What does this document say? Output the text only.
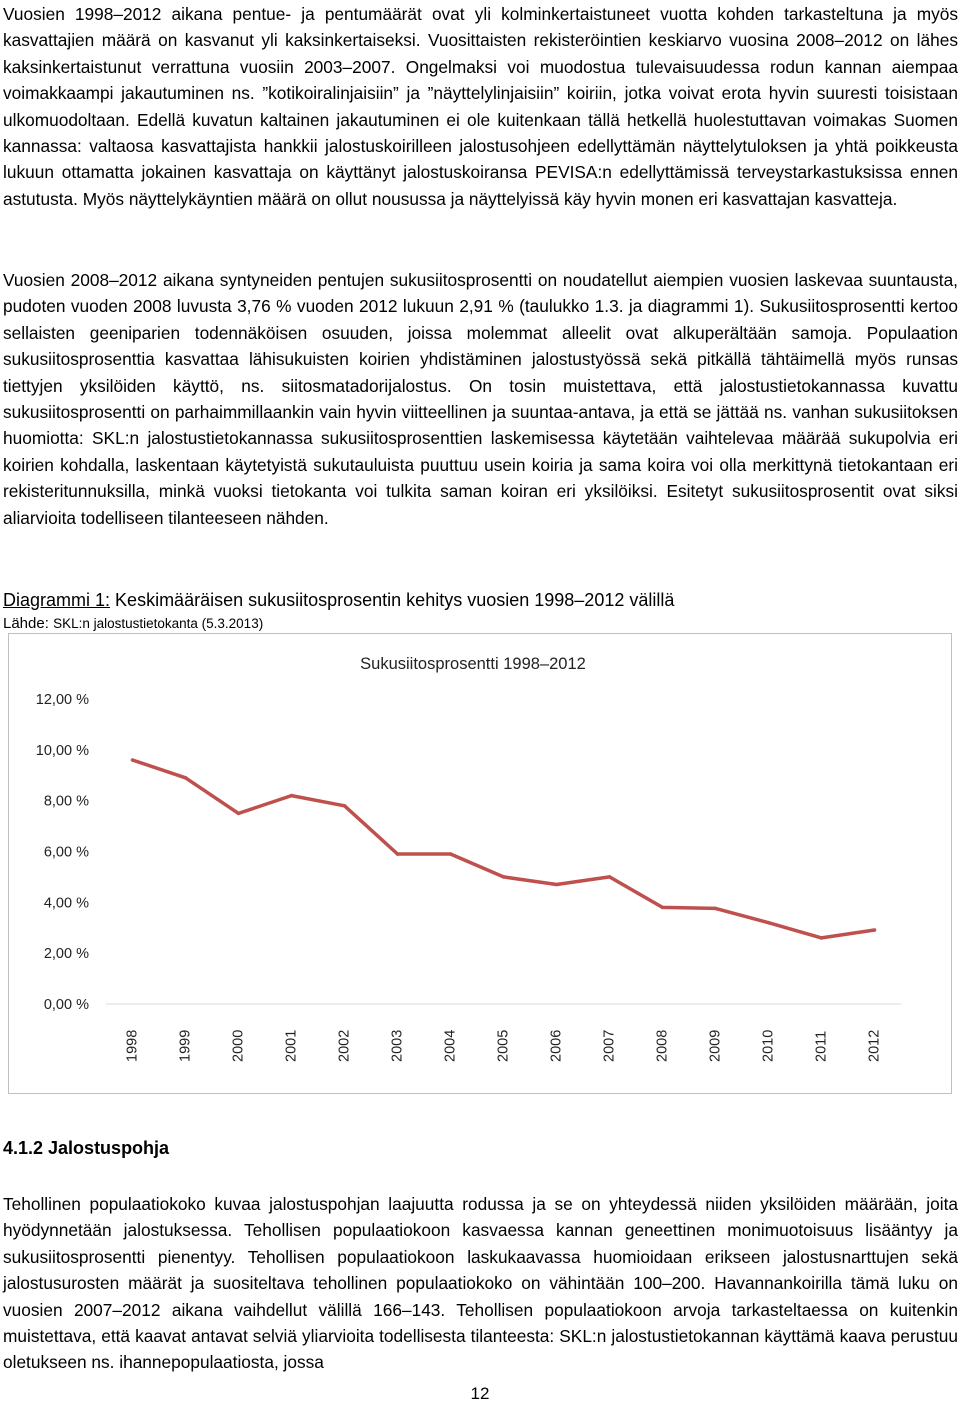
Vuosien 1998–2012 aikana pentue- ja pentumäärät ovat yli kolminkertaistuneet vuotta kohden tarkasteltuna ja myös kasvattajien määrä on kasvanut yli kaksinkertaiseksi. Vuosittaisten rekisteröintien keskiarvo vuosina 2008–2012 on lähes kaksinkertaistunut verrattuna vuosiin 2003–2007. Ongelmaksi voi muodostua tulevaisuudessa rodun kannan aiempaa voimakkaampi jakautuminen ns. ”kotikoiralinjaisiin” ja ”näyttelylinjaisiin” koiriin, jotka voivat erota hyvin suuresti toisistaan ulkomuodoltaan. Edellä kuvatun kaltainen jakautuminen ei ole kuitenkaan tällä hetkellä huolestuttavan voimakas Suomen kannassa: valtaosa kasvattajista hankkii jalostuskoirilleen jalostusohjeen edellyttämän näyttelytuloksen ja yhtä poikkeusta lukuun ottamatta jokainen kasvattaja on käyttänyt jalostuskoiransa PEVISA:n edellyttämissä terveystarkastuksissa ennen astutusta. Myös näyttelykäyntien määrä on ollut nousussa ja näyttelyissä käy hyvin monen eri kasvattajan kasvatteja.

Vuosien 2008–2012 aikana syntyneiden pentujen sukusiitosprosentti on noudatellut aiempien vuosien laskevaa suuntausta, pudoten vuoden 2008 luvusta 3,76 % vuoden 2012 lukuun 2,91 % (taulukko 1.3. ja diagrammi 1). Sukusiitosprosentti kertoo sellaisten geeniparien todennäköisen osuuden, joissa molemmat alleelit ovat alkuperältään samoja. Populaation sukusiitosprosenttia kasvattaa lähisukuisten koirien yhdistäminen jalostustyössä sekä pitkällä tähtäimellä myös runsas tiettyjen yksilöiden käyttö, ns. siitosmatadorijalostus. On tosin muistettava, että jalostustietokannassa kuvattu sukusiitosprosentti on parhaimmillaankin vain hyvin viitteellinen ja suuntaa-antava, ja että se jättää ns. vanhan sukusiitoksen huomiotta: SKL:n jalostustietokannassa sukusiitosprosenttien laskemisessa käytetään vaihtelevaa määrää sukupolvia eri koirien kohdalla, laskentaan käytetyistä sukutauluista puuttuu usein koiria ja sama koira voi olla merkittynä tietokantaan eri rekisteritunnuksilla, minkä vuoksi tietokanta voi tulkita saman koiran eri yksilöiksi. Esitetyt sukusiitosprosentit ovat siksi aliarvioita todelliseen tilanteeseen nähden.

Diagrammi 1: Keskimääräisen sukusiitosprosentin kehitys vuosien 1998–2012 välillä

Lähde: SKL:n jalostustietokanta (5.3.2013)

Sukusiitosprosentti 1998–2012
0,00 %
2,00 %
4,00 %
6,00 %
8,00 %
10,00 %
12,00 %
1998	1999	2000	2001	2002	2003	2004	2005	2006	2007	2008	2009	2010	2011	2012

4.1.2 Jalostuspohja

Tehollinen populaatiokoko kuvaa jalostuspohjan laajuutta rodussa ja se on yhteydessä niiden yksilöiden määrään, joita hyödynnetään jalostuksessa. Tehollisen populaatiokoon kasvaessa kannan geneettinen monimuotoisuus lisääntyy ja sukusiitosprosentti pienentyy. Tehollisen populaatiokoon laskukaavassa huomioidaan erikseen jalostusnarttujen sekä jalostusurosten määrät ja suositeltava tehollinen populaatiokoko on vähintään 100–200. Havannankoirilla tämä luku on vuosien 2007–2012 aikana vaihdellut välillä 166–143. Tehollisen populaatiokoon arvoja tarkasteltaessa on kuitenkin muistettava, että kaavat antavat selviä yliarvioita todellisesta tilanteesta: SKL:n jalostustietokannan käyttämä kaava perustuu oletukseen ns. ihannepopulaatiosta, jossa

12
